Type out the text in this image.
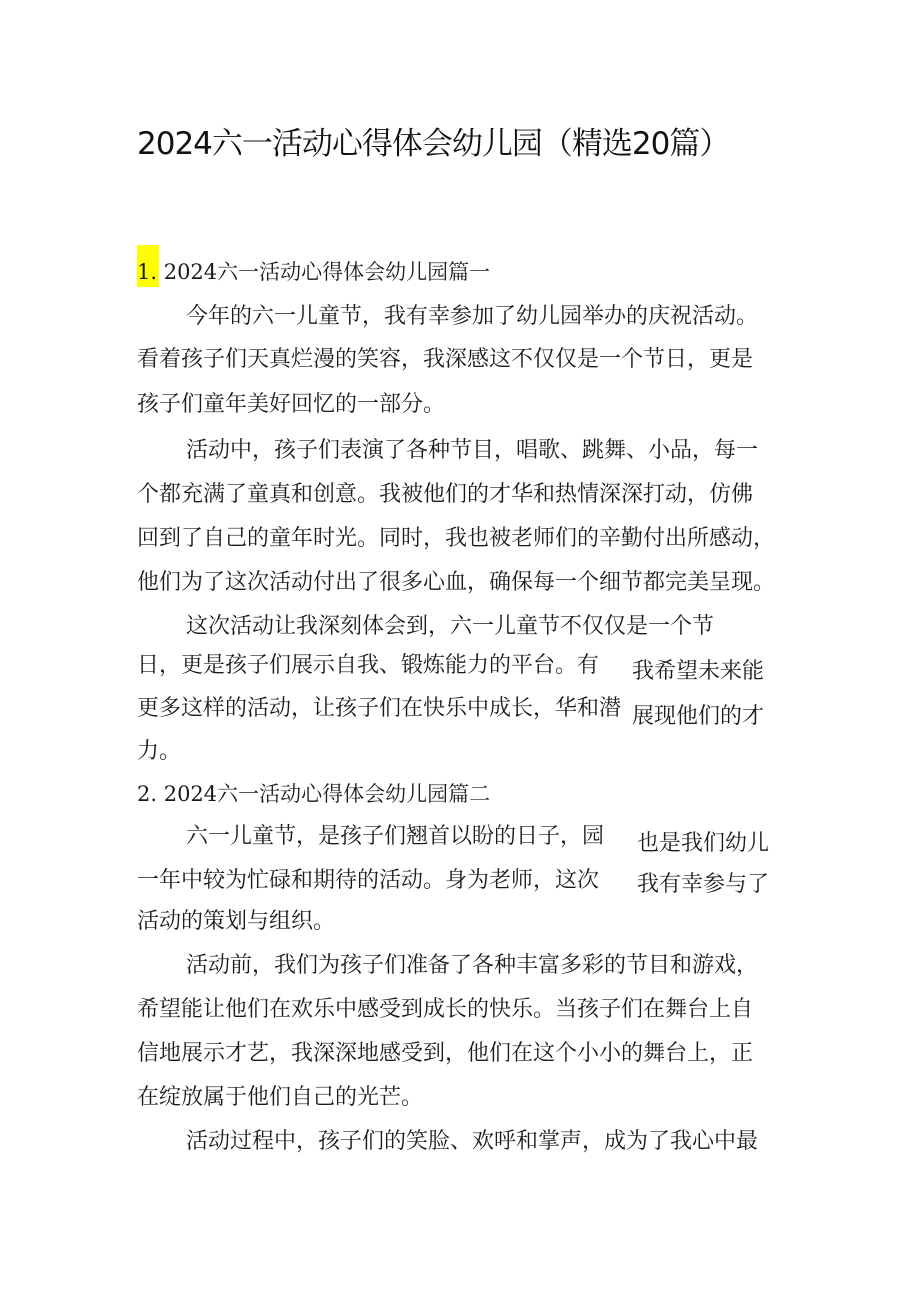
2024六一活动心得体会幼儿园（精选20篇）
1. 2024六一活动心得体会幼儿园篇一
今年的六一儿童节，我有幸参加了幼儿园举办的庆祝活动。
看着孩子们天真烂漫的笑容，我深感这不仅仅是一个节日，更是
孩子们童年美好回忆的一部分。
活动中，孩子们表演了各种节目，唱歌、跳舞、小品，每一
个都充满了童真和创意。我被他们的才华和热情深深打动，仿佛
回到了自己的童年时光。同时，我也被老师们的辛勤付出所感动，
他们为了这次活动付出了很多心血，确保每一个细节都完美呈现。
这次活动让我深刻体会到，六一儿童节不仅仅是一个节
日，更是孩子们展示自我、锻炼能力的平台。有
更多这样的活动，让孩子们在快乐中成长，华和潜
力。
我希望未来能
展现他们的才
2. 2024六一活动心得体会幼儿园篇二
六一儿童节，是孩子们翘首以盼的日子，园
一年中较为忙碌和期待的活动。身为老师，这次
活动的策划与组织。
也是我们幼儿
我有幸参与了
活动前，我们为孩子们准备了各种丰富多彩的节目和游戏，
希望能让他们在欢乐中感受到成长的快乐。当孩子们在舞台上自
信地展示才艺，我深深地感受到，他们在这个小小的舞台上，正
在绽放属于他们自己的光芒。
活动过程中，孩子们的笑脸、欢呼和掌声，成为了我心中最
